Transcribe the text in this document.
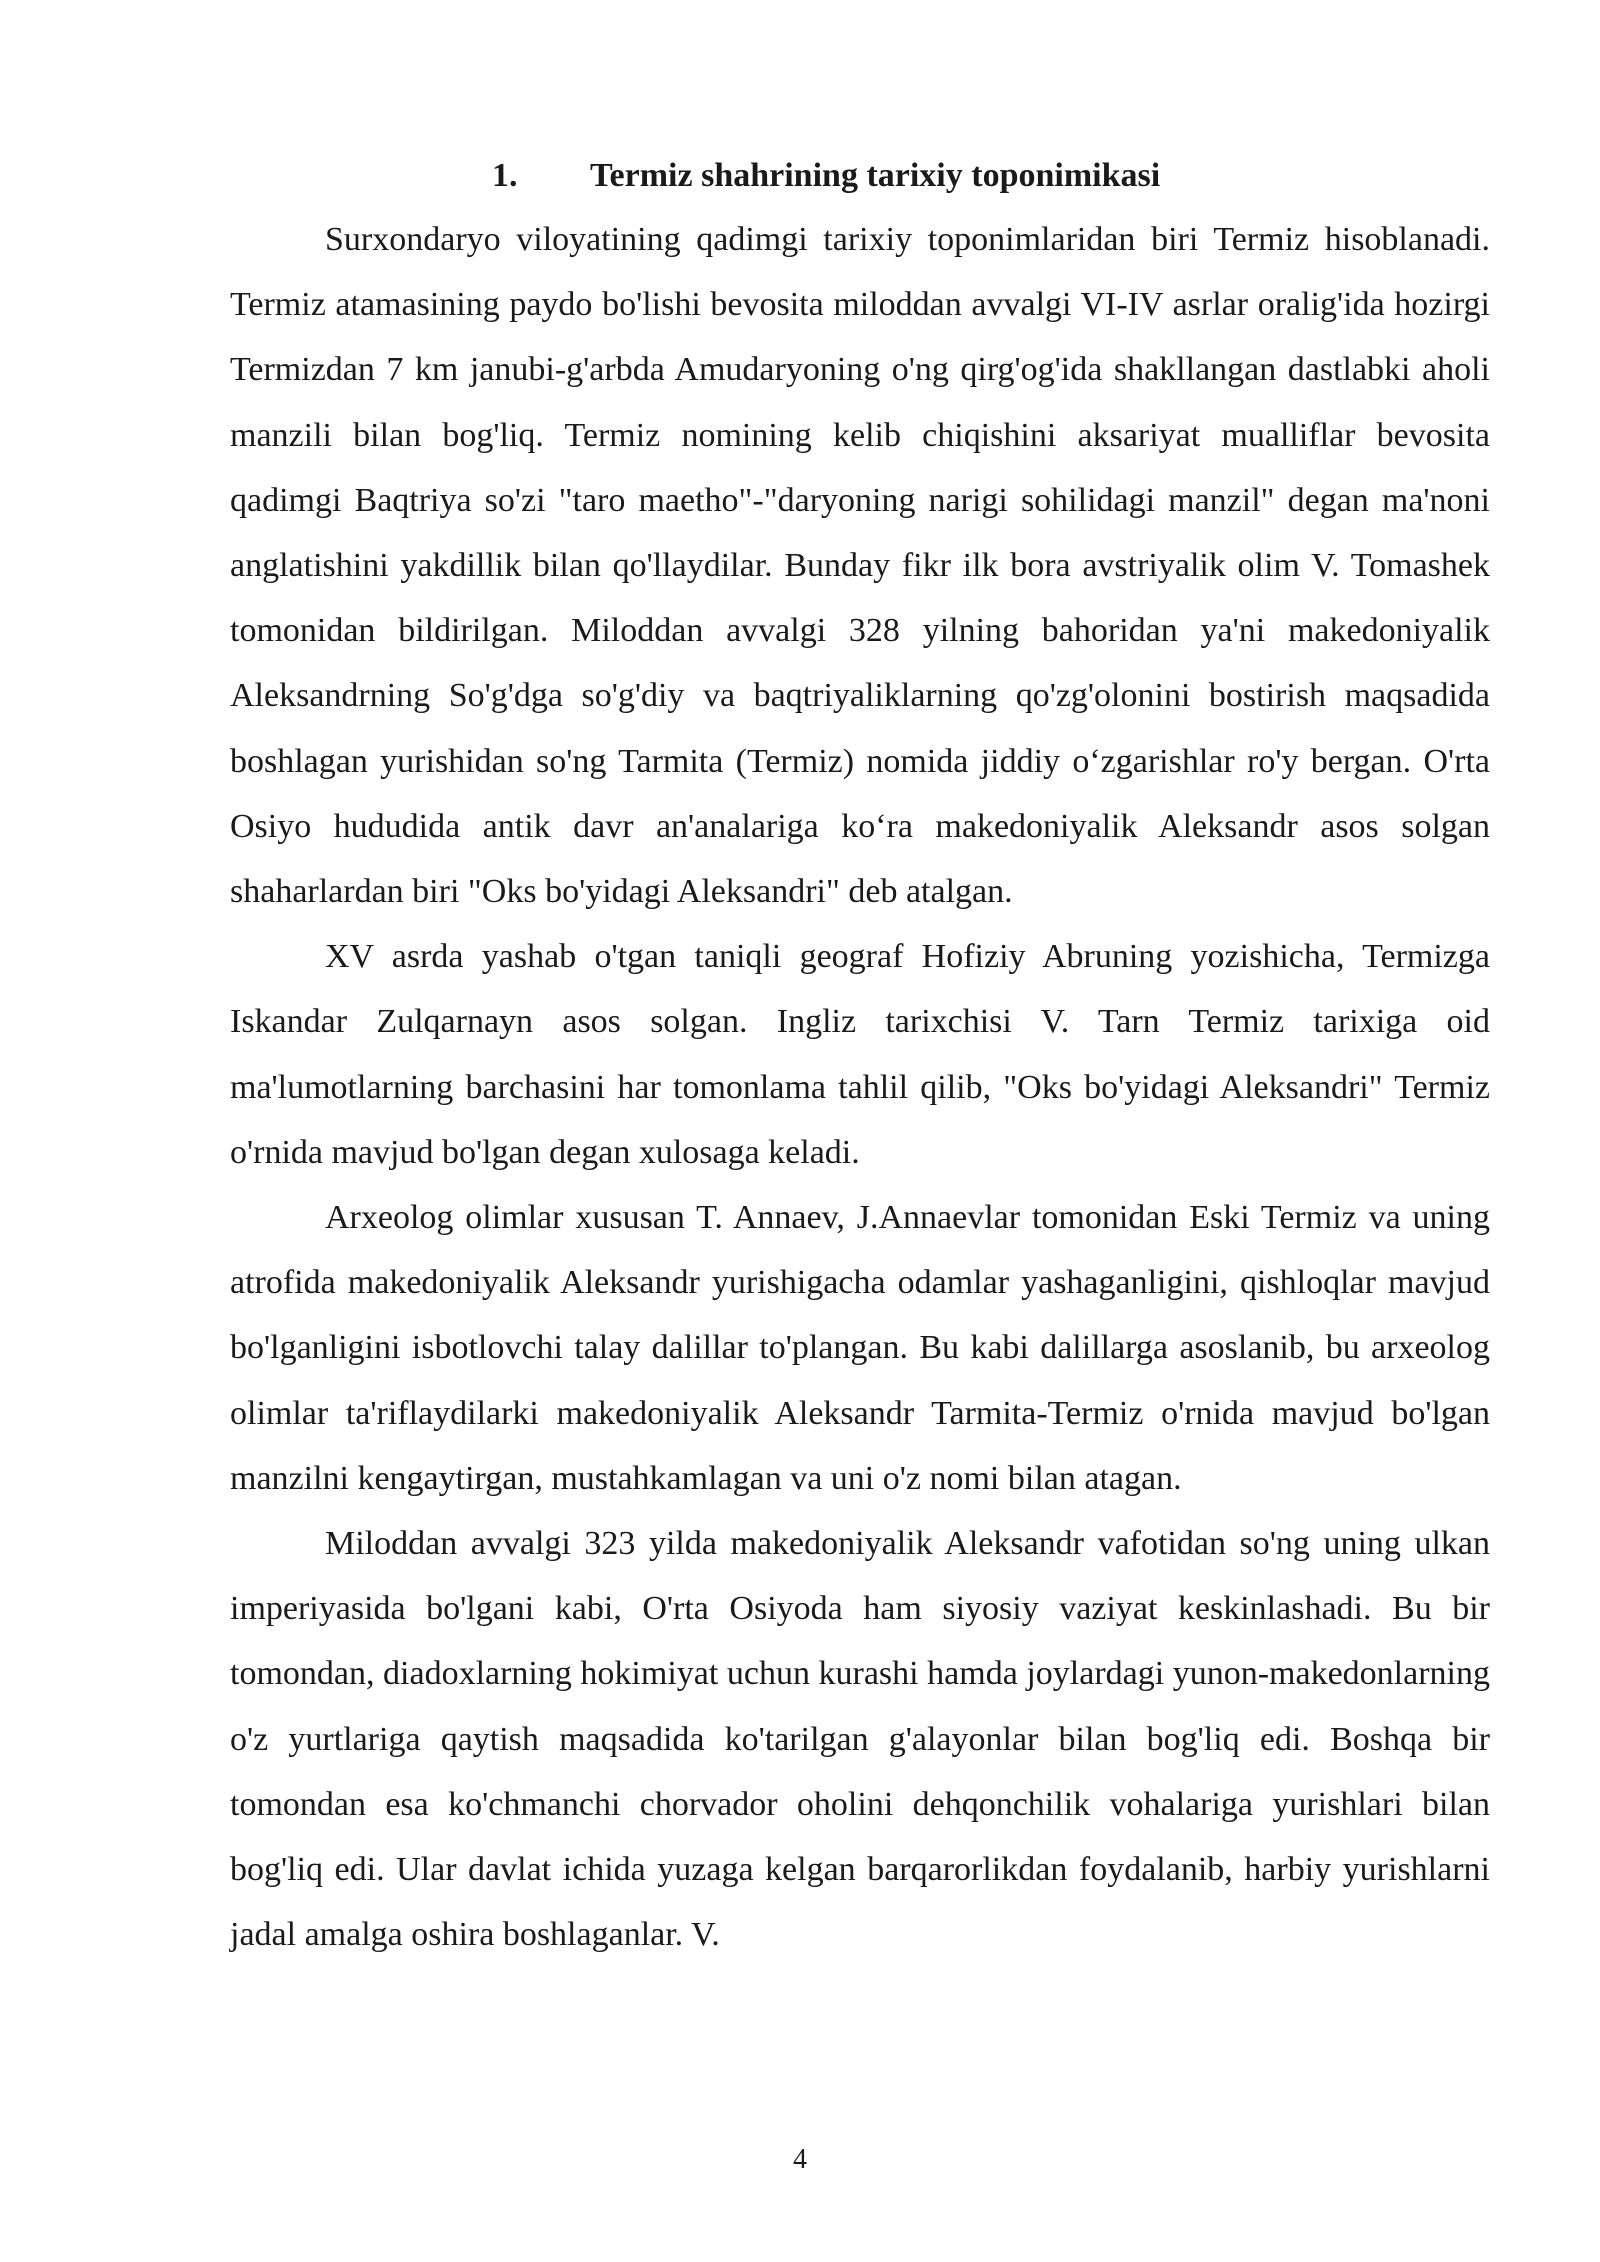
1. Termiz shahrining tarixiy toponimikasi

Surxondaryo viloyatining qadimgi tarixiy toponimlaridan biri Termiz hisoblanadi. Termiz atamasining paydo bo'lishi bevosita miloddan avvalgi VI-IV asrlar oralig'ida hozirgi Termizdan 7 km janubi-g'arbda Amudaryoning o'ng qirg'og'ida shakllangan dastlabki aholi manzili bilan bog'liq. Termiz nomining kelib chiqishini aksariyat mualliflar bevosita qadimgi Baqtriya so'zi "taro maetho"-"daryoning narigi sohilidagi manzil" degan ma'noni anglatishini yakdillik bilan qo'llaydilar. Bunday fikr ilk bora avstriyalik olim V. Tomashek tomonidan bildirilgan. Miloddan avvalgi 328 yilning bahoridan ya'ni makedoniyalik Aleksandrning So'g'dga so'g'diy va baqtriyaliklarning qo'zg'olonini bostirish maqsadida boshlagan yurishidan so'ng Tarmita (Termiz) nomida jiddiy o‘zgarishlar ro'y bergan. O'rta Osiyo hududida antik davr an'analariga ko‘ra makedoniyalik Aleksandr asos solgan shaharlardan biri "Oks bo'yidagi Aleksandri" deb atalgan.

XV asrda yashab o'tgan taniqli geograf Hofiziy Abruning yozishicha, Termizga Iskandar Zulqarnayn asos solgan. Ingliz tarixchisi V. Tarn Termiz tarixiga oid ma'lumotlarning barchasini har tomonlama tahlil qilib, "Oks bo'yidagi Aleksandri" Termiz o'rnida mavjud bo'lgan degan xulosaga keladi.

Arxeolog olimlar xususan T. Annaev, J.Annaevlar tomonidan Eski Termiz va uning atrofida makedoniyalik Aleksandr yurishigacha odamlar yashaganligini, qishloqlar mavjud bo'lganligini isbotlovchi talay dalillar to'plangan. Bu kabi dalillarga asoslanib, bu arxeolog olimlar ta'riflaydilarki makedoniyalik Aleksandr Tarmita-Termiz o'rnida mavjud bo'lgan manzilni kengaytirgan, mustahkamlagan va uni o'z nomi bilan atagan.

Miloddan avvalgi 323 yilda makedoniyalik Aleksandr vafotidan so'ng uning ulkan imperiyasida bo'lgani kabi, O'rta Osiyoda ham siyosiy vaziyat keskinlashadi. Bu bir tomondan, diadoxlarning hokimiyat uchun kurashi hamda joylardagi yunon-makedonlarning o'z yurtlariga qaytish maqsadida ko'tarilgan g'alayonlar bilan bog'liq edi. Boshqa bir tomondan esa ko'chmanchi chorvador oholini dehqonchilik vohalariga yurishlari bilan bog'liq edi. Ular davlat ichida yuzaga kelgan barqarorlikdan foydalanib, harbiy yurishlarni jadal amalga oshira boshlaganlar. V.

4
